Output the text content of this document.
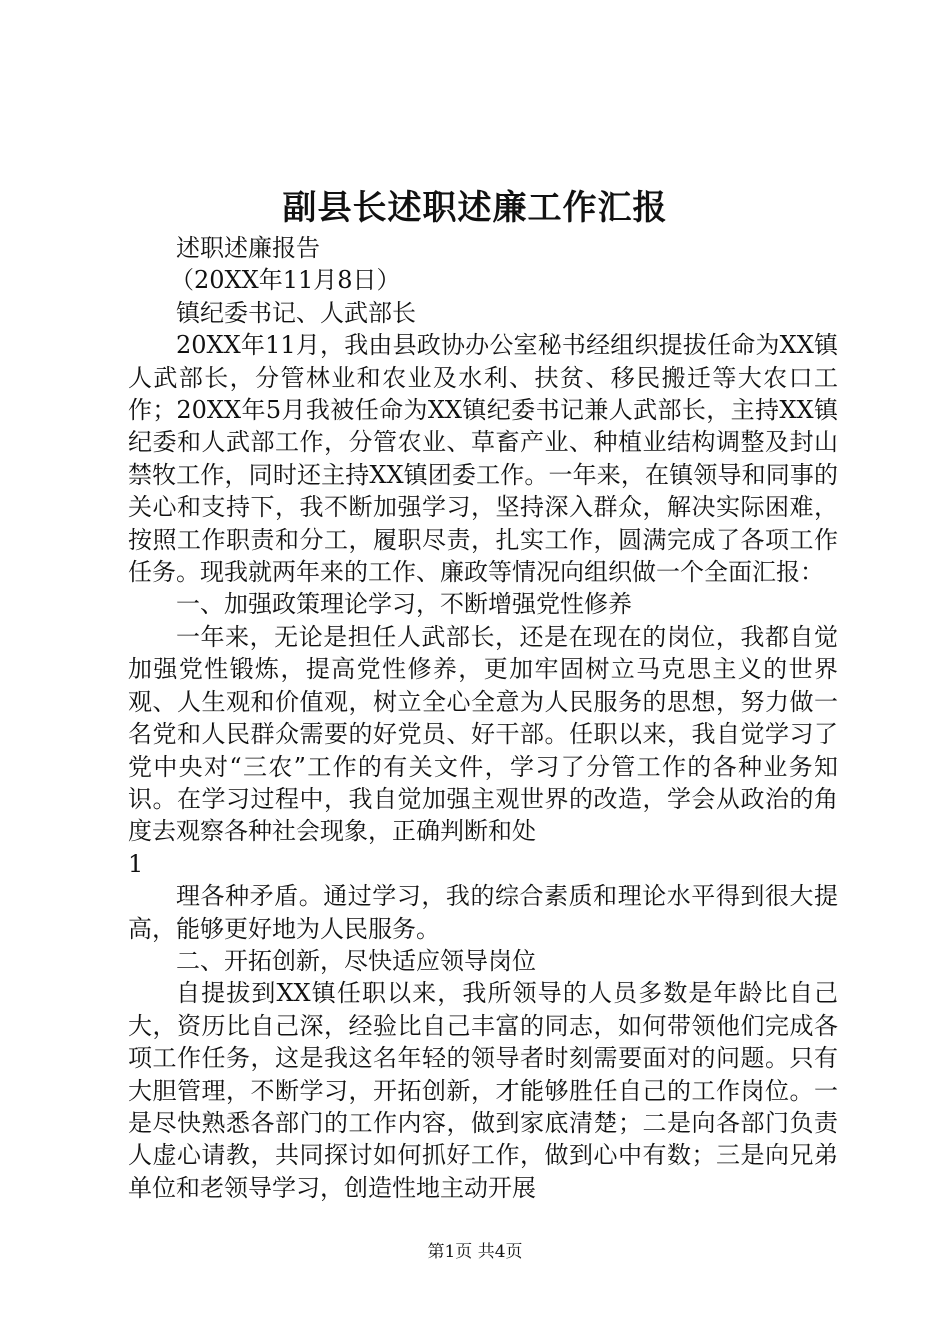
副县长述职述廉工作汇报

述职述廉报告

（20XX年11月8日）

镇纪委书记、人武部长

20XX年11月，我由县政协办公室秘书经组织提拔任命为XX镇人武部长，分管林业和农业及水利、扶贫、移民搬迁等大农口工作；20XX年5月我被任命为XX镇纪委书记兼人武部长，主持XX镇纪委和人武部工作，分管农业、草畜产业、种植业结构调整及封山禁牧工作，同时还主持XX镇团委工作。一年来，在镇领导和同事的关心和支持下，我不断加强学习，坚持深入群众，解决实际困难，按照工作职责和分工，履职尽责，扎实工作，圆满完成了各项工作任务。现我就两年来的工作、廉政等情况向组织做一个全面汇报：

一、加强政策理论学习，不断增强党性修养

一年来，无论是担任人武部长，还是在现在的岗位，我都自觉加强党性锻炼，提高党性修养，更加牢固树立马克思主义的世界观、人生观和价值观，树立全心全意为人民服务的思想，努力做一名党和人民群众需要的好党员、好干部。任职以来，我自觉学习了党中央对“三农”工作的有关文件，学习了分管工作的各种业务知识。在学习过程中，我自觉加强主观世界的改造，学会从政治的角度去观察各种社会现象，正确判断和处

1

理各种矛盾。通过学习，我的综合素质和理论水平得到很大提高，能够更好地为人民服务。

二、开拓创新，尽快适应领导岗位

自提拔到XX镇任职以来，我所领导的人员多数是年龄比自己大，资历比自己深，经验比自己丰富的同志，如何带领他们完成各项工作任务，这是我这名年轻的领导者时刻需要面对的问题。只有大胆管理，不断学习，开拓创新，才能够胜任自己的工作岗位。一是尽快熟悉各部门的工作内容，做到家底清楚；二是向各部门负责人虚心请教，共同探讨如何抓好工作，做到心中有数；三是向兄弟单位和老领导学习，创造性地主动开展

第1页 共4页
